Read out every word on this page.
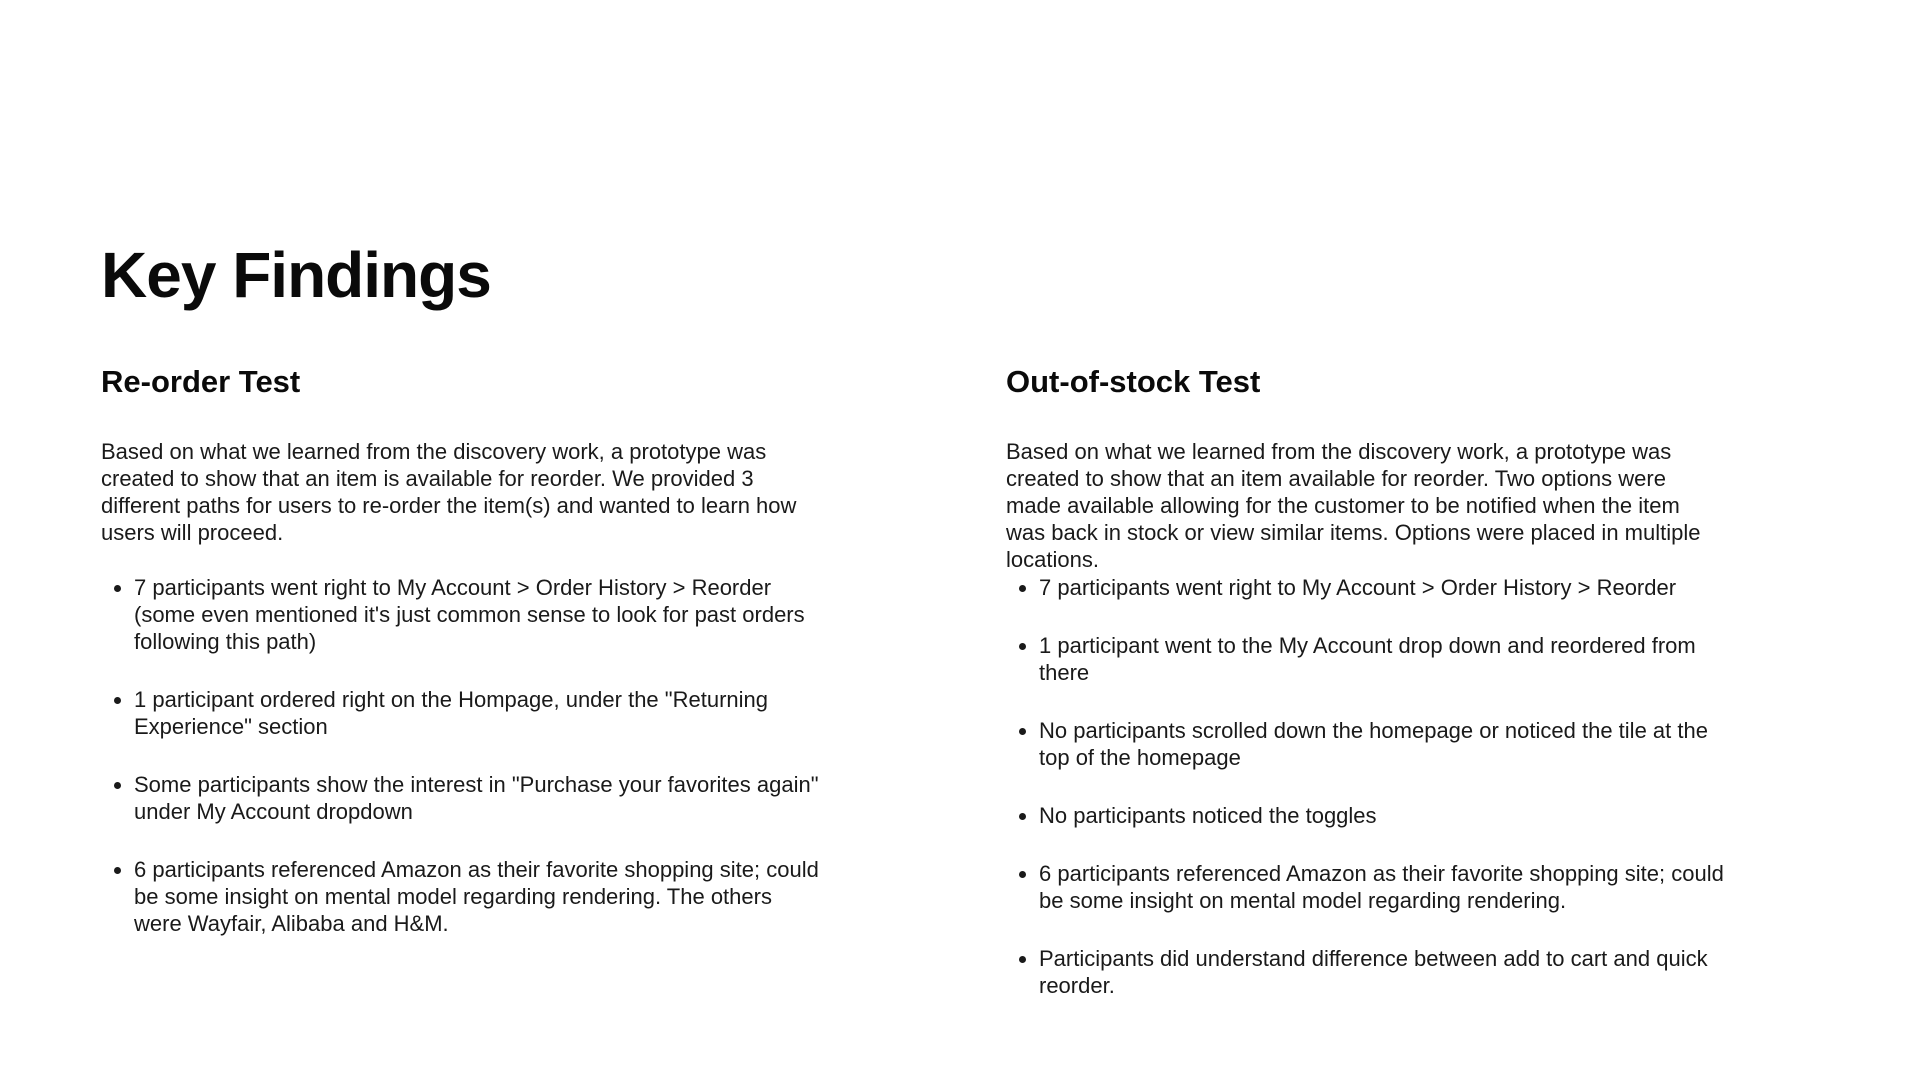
Key Findings
Re-order Test

Based on what we learned from the discovery work, a prototype was created to show that an item is available for reorder. We provided 3 different paths for users to re-order the item(s) and wanted to learn how users will proceed.

• 7 participants went right to My Account > Order History > Reorder (some even mentioned it's just common sense to look for past orders following this path)
• 1 participant ordered right on the Hompage, under the "Returning Experience" section
• Some participants show the interest in "Purchase your favorites again" under My Account dropdown
• 6 participants referenced Amazon as their favorite shopping site; could be some insight on mental model regarding rendering. The others were Wayfair, Alibaba and H&M.
Out-of-stock Test

Based on what we learned from the discovery work, a prototype was created to show that an item available for reorder. Two options were made available allowing for the customer to be notified when the item was back in stock or view similar items. Options were placed in multiple locations.

• 7 participants went right to My Account > Order History > Reorder
• 1 participant went to the My Account drop down and reordered from there
• No participants scrolled down the homepage or noticed the tile at the top of the homepage
• No participants noticed the toggles
• 6 participants referenced Amazon as their favorite shopping site; could be some insight on mental model regarding rendering.
• Participants did understand difference between add to cart and quick reorder.
